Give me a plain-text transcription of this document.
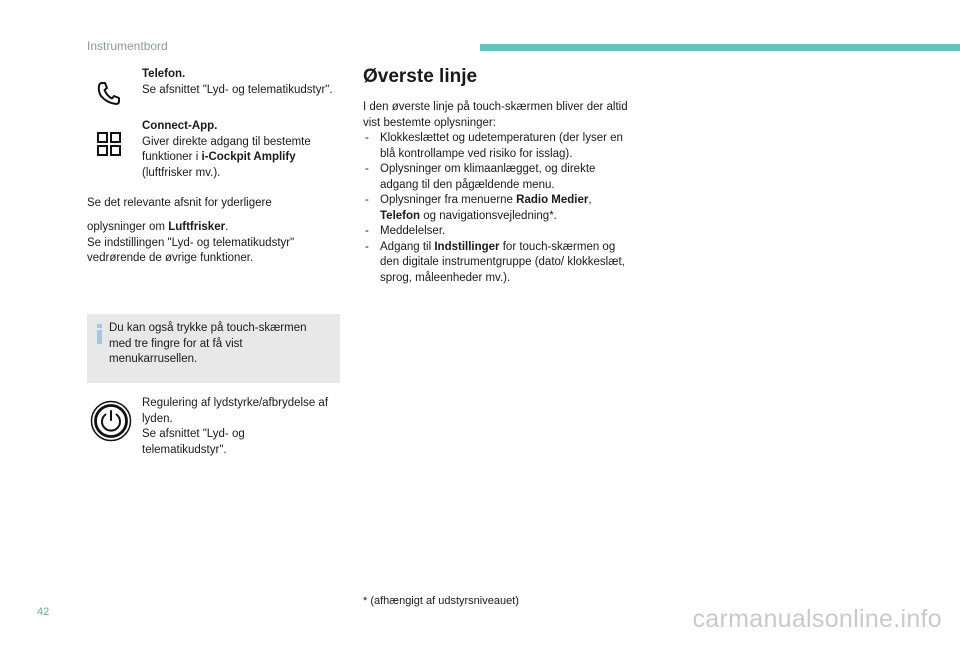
Instrumentbord
Telefon.
Se afsnittet "Lyd- og telematikudstyr".
Connect-App.
Giver direkte adgang til bestemte funktioner i i-Cockpit Amplify (luftfrisker mv.).
Se det relevante afsnit for yderligere
oplysninger om Luftfrisker.
Se indstillingen "Lyd- og telematikudstyr" vedrørende de øvrige funktioner.
Du kan også trykke på touch-skærmen med tre fingre for at få vist menukarrusellen.
Regulering af lydstyrke/afbrydelse af lyden.
Se afsnittet "Lyd- og telematikudstyr".
Øverste linje
I den øverste linje på touch-skærmen bliver der altid vist bestemte oplysninger:
- Klokkeslættet og udetemperaturen (der lyser en blå kontrollampe ved risiko for isslag).
- Oplysninger om klimaanlægget, og direkte adgang til den pågældende menu.
- Oplysninger fra menuerne Radio Medier, Telefon og navigationsvejledning*.
- Meddelelser.
- Adgang til Indstillinger for touch-skærmen og den digitale instrumentgruppe (dato/ klokkeslæt, sprog, måleenheder mv.).
* (afhængigt af udstyrsniveauet)
42	carmanualsonline.info
